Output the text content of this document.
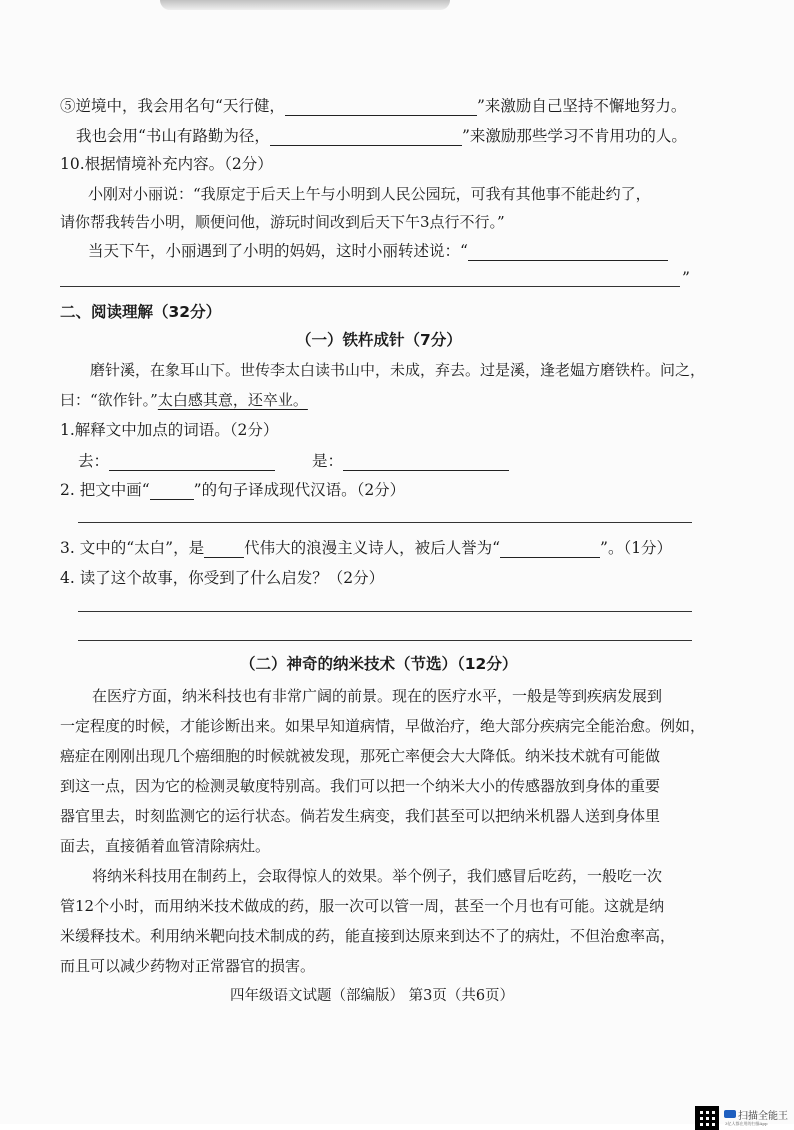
⑤逆境中，我会用名句“天行健，	”来激励自己坚持不懈地努力。
我也会用“书山有路勤为径，	”来激励那些学习不肯用功的人。
10.根据情境补充内容。（2分）
小刚对小丽说：“我原定于后天上午与小明到人民公园玩，可我有其他事不能赴约了，
请你帮我转告小明，顺便问他，游玩时间改到后天下午3点行不行。”
当天下午，小丽遇到了小明的妈妈，这时小丽转述说：“
”
二、阅读理解（32分）
（一）铁杵成针（7分）
磨针溪，在象耳山下。世传李太白读书山中，未成，弃去。过是溪，逢老媪方磨铁杵。问之，
曰：“欲作针。”太白感其意，还卒业。
1.解释文中加点的词语。（2分）
去：	是：
2. 把文中画“	”的句子译成现代汉语。（2分）
3. 文中的“太白”，是	代伟大的浪漫主义诗人，被后人誉为“	”。（1分）
4. 读了这个故事，你受到了什么启发？（2分）
（二）神奇的纳米技术（节选）（12分）
在医疗方面，纳米科技也有非常广阔的前景。现在的医疗水平，一般是等到疾病发展到
一定程度的时候，才能诊断出来。如果早知道病情，早做治疗，绝大部分疾病完全能治愈。例如，
癌症在刚刚出现几个癌细胞的时候就被发现，那死亡率便会大大降低。纳米技术就有可能做
到这一点，因为它的检测灵敏度特别高。我们可以把一个纳米大小的传感器放到身体的重要
器官里去，时刻监测它的运行状态。倘若发生病变，我们甚至可以把纳米机器人送到身体里
面去，直接循着血管清除病灶。
将纳米科技用在制药上，会取得惊人的效果。举个例子，我们感冒后吃药，一般吃一次
管12个小时，而用纳米技术做成的药，服一次可以管一周，甚至一个月也有可能。这就是纳
米缓释技术。利用纳米靶向技术制成的药，能直接到达原来到达不了的病灶，不但治愈率高，
而且可以减少药物对正常器官的损害。
四年级语文试题（部编版） 第3页（共6页）
扫描全能王
3亿人都在用的扫描App
